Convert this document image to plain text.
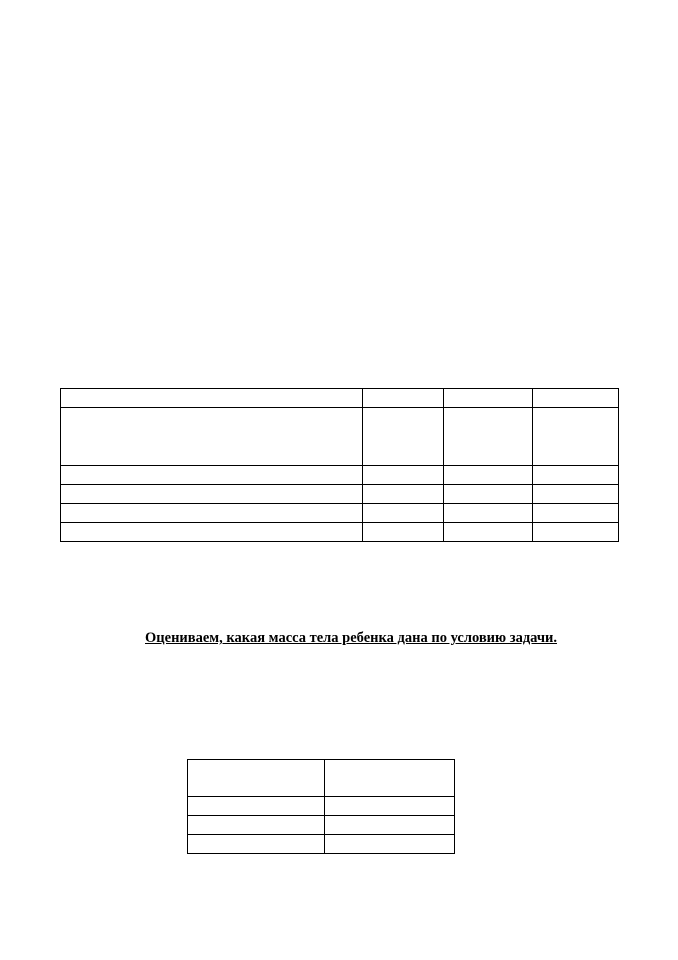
Оцениваем, какая масса тела ребенка дана по условию задачи.
